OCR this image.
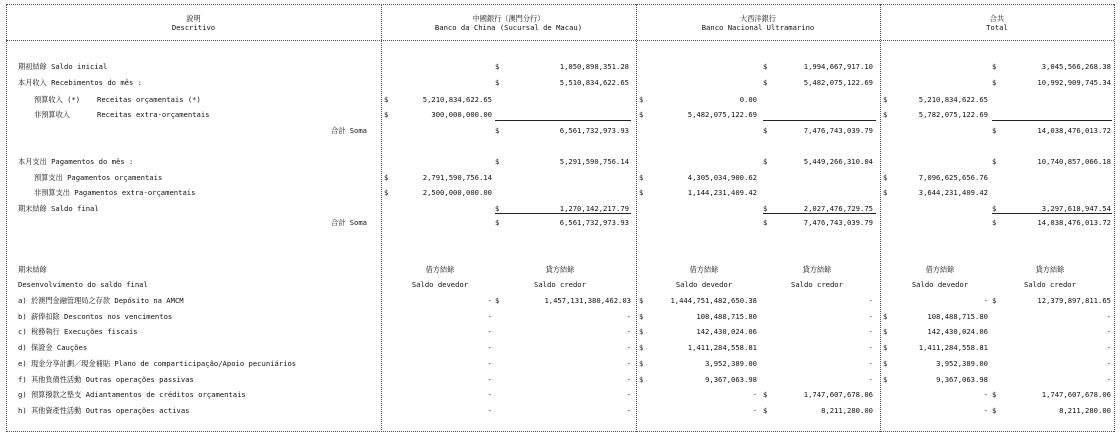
說明
Descritivo
中國銀行（澳門分行）
Banco da China (Sucursal de Macau)
大西洋銀行
Banco Nacional Ultramarino
合共
Total
期初結餘 Saldo inicial	$	1,050,898,351.28	$	1,994,667,917.10	$	3,045,566,268.38
本月收入 Recebimentos do mês :	$	5,510,834,622.65	$	5,482,075,122.69	$	10,992,909,745.34
預算收入 (*) Receitas orçamentais (*)	$	5,210,834,622.65	$	0.00	$	5,210,834,622.65
非預算收入	Receitas extra-orçamentais	$	300,000,000.00	$	5,482,075,122.69	$	5,782,075,122.69
合計 Soma	$	6,561,732,973.93	$	7,476,743,039.79	$	14,038,476,013.72
本月支出 Pagamentos do mês :	$	5,291,590,756.14	$	5,449,266,310.04	$	10,740,857,066.18
預算支出 Pagamentos orçamentais	$	2,791,590,756.14	$	4,305,034,900.62	$	7,096,625,656.76
非預算支出 Pagamentos extra-orçamentais	$	2,500,000,000.00	$	1,144,231,409.42	$	3,644,231,409.42
期末結餘 Saldo final	$	1,270,142,217.79	$	2,027,476,729.75	$	3,297,618,947.54
合計 Soma	$	6,561,732,973.93	$	7,476,743,039.79	$	14,038,476,013.72
期末結餘
Desenvolvimento do saldo final
借方結餘
Saldo devedor
貸方結餘
Saldo credor
借方結餘
Saldo devedor
貸方結餘
Saldo credor
借方結餘
Saldo devedor
貸方結餘
Saldo credor
a) 於澳門金融管理局之存款 Depósito na AMCM	- $	1,457,131,380,462.03 $	1,444,751,482,650.38	-	- $	12,379,897,811.65
b) 薪俸扣除 Descontos nos vencimentos	-	- $	108,488,715.80	- $	108,488,715.80	-
c) 稅務執行 Execuções fiscais	-	- $	142,430,024.06	- $	142,430,024.06	-
d) 保證金 Cauções	-	- $	1,411,284,558.81	- $	1,411,284,558.81	-
e) 現金分享計劃／現金補貼 Plano de comparticipação/Apoio pecuniários	-	- $	3,952,389.00	- $	3,952,389.00	-
f) 其他負債性活動 Outras operações passivas	-	- $	9,367,063.98	- $	9,367,063.98	-
g) 預算撥款之墊支 Adiantamentos de créditos orçamentais	-	-	- $	1,747,607,678.06	- $	1,747,607,678.06
h) 其他資產性活動 Outras operações activas	-	-	- $	8,211,280.00	- $	8,211,280.00
